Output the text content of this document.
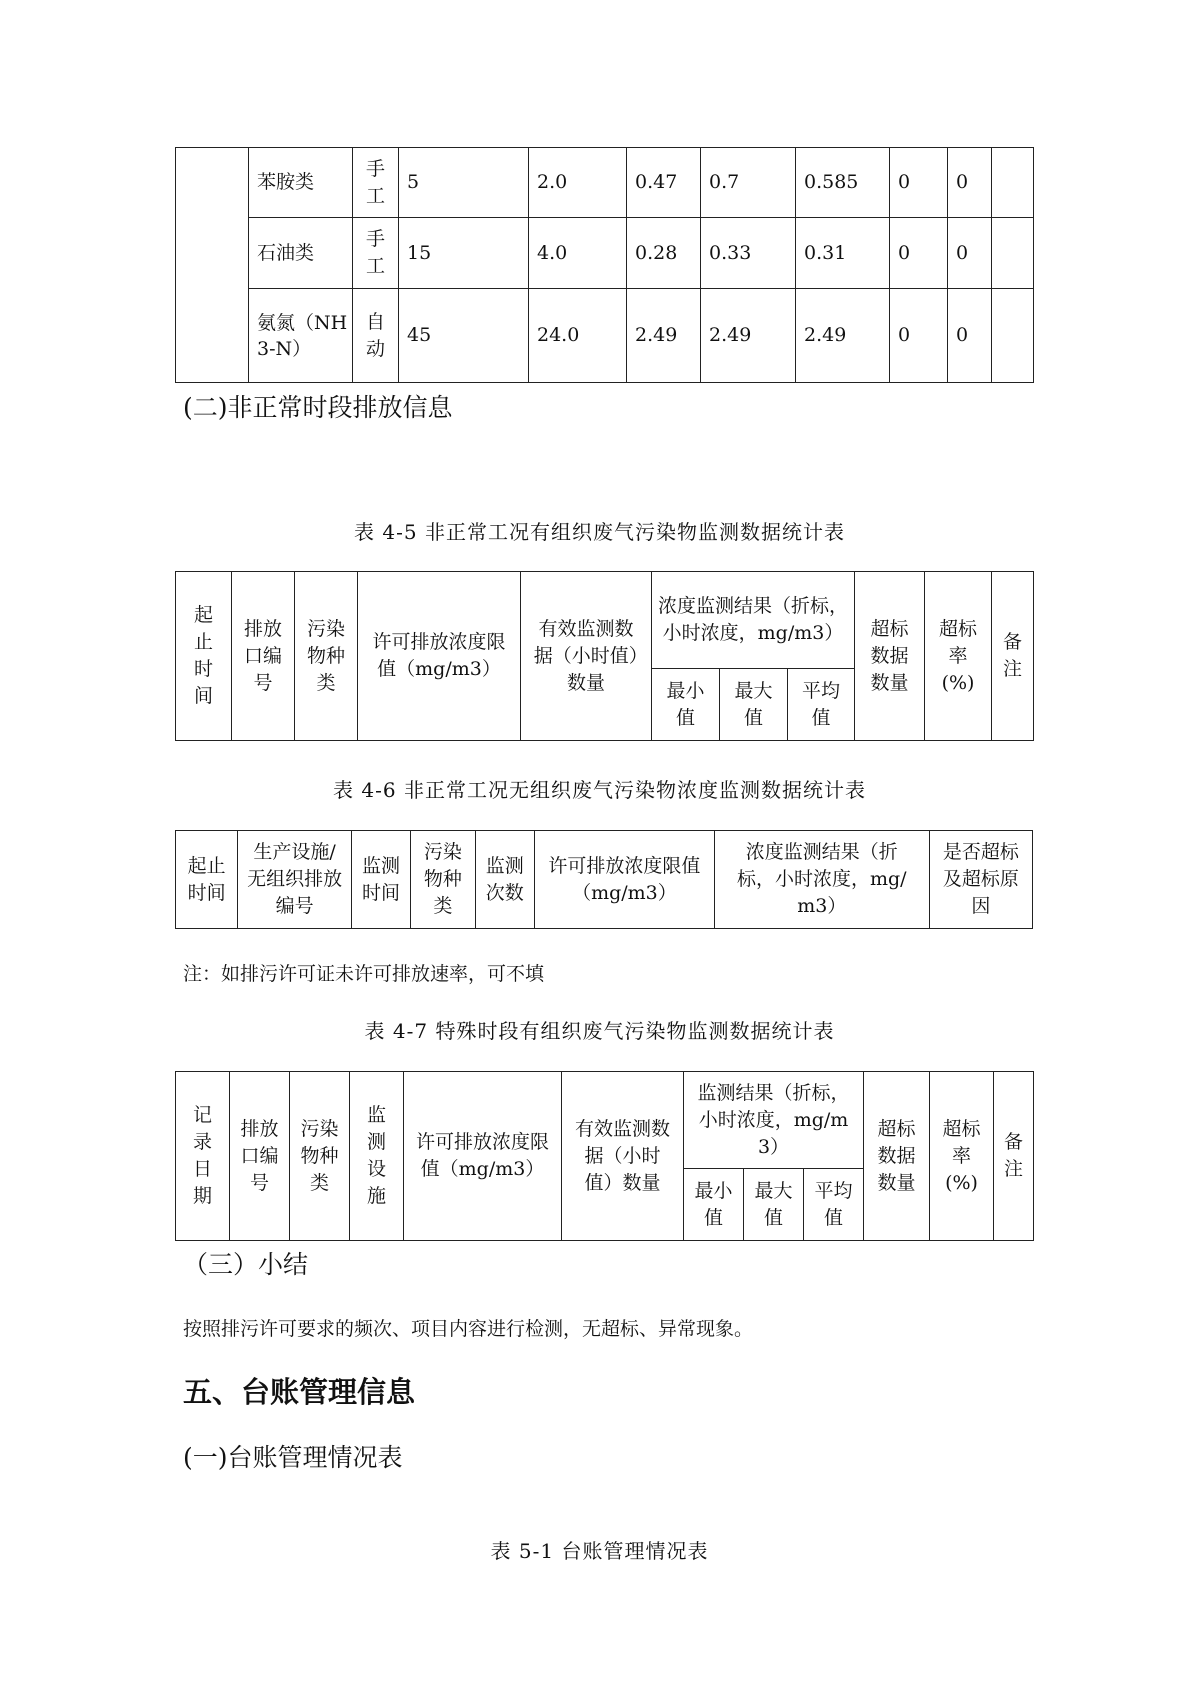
	苯胺类	手工	5	2.0	0.47	0.7	0.585	0	0	
	石油类	手工	15	4.0	0.28	0.33	0.31	0	0	
	氨氮（NH3-N）	自动	45	24.0	2.49	2.49	2.49	0	0	
(二)非正常时段排放信息
表 4-5 非正常工况有组织废气污染物监测数据统计表
起止时间	排放口编号	污染物种类	许可排放浓度限值（mg/m3）	有效监测数据（小时值）数量	浓度监测结果（折标，小时浓度，mg/m3）			超标数据数量	超标率(%)	备注
					最小值	最大值	平均值			
表 4-6 非正常工况无组织废气污染物浓度监测数据统计表
起止时间	生产设施/无组织排放编号	监测时间	污染物种类	监测次数	许可排放浓度限值（mg/m3）	浓度监测结果（折标，小时浓度，mg/m3）	是否超标及超标原因
注：如排污许可证未许可排放速率，可不填
表 4-7 特殊时段有组织废气污染物监测数据统计表
记录日期	排放口编号	污染物种类	监测设施	许可排放浓度限值（mg/m3）	有效监测数据（小时值）数量	监测结果（折标，小时浓度，mg/m3）			超标数据数量	超标率(%)	备注
						最小值	最大值	平均值			
（三）小结
按照排污许可要求的频次、项目内容进行检测，无超标、异常现象。
五、台账管理信息
(一)台账管理情况表
表 5-1 台账管理情况表
